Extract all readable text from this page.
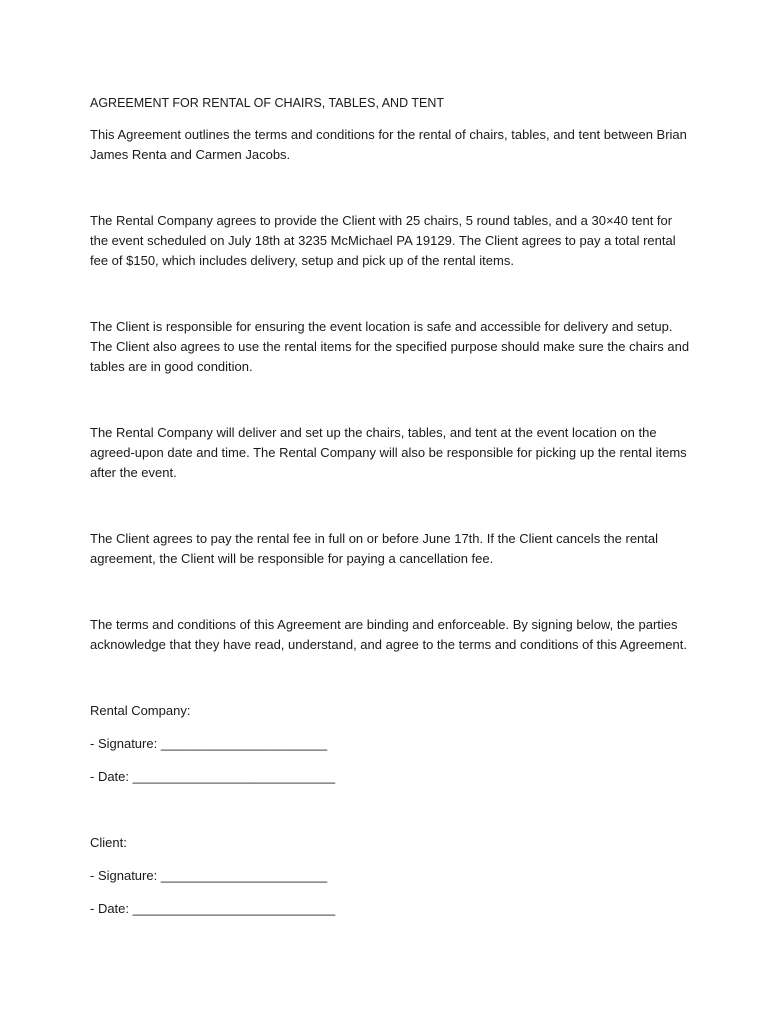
AGREEMENT FOR RENTAL OF CHAIRS, TABLES, AND TENT

This Agreement outlines the terms and conditions for the rental of chairs, tables, and tent between Brian James Renta and Carmen Jacobs.

The Rental Company agrees to provide the Client with 25 chairs, 5 round tables, and a 30×40 tent for the event scheduled on July 18th at 3235 McMichael PA 19129. The Client agrees to pay a total rental fee of $150, which includes delivery, setup and pick up of the rental items.

The Client is responsible for ensuring the event location is safe and accessible for delivery and setup. The Client also agrees to use the rental items for the specified purpose should make sure the chairs and tables are in good condition.

The Rental Company will deliver and set up the chairs, tables, and tent at the event location on the agreed-upon date and time. The Rental Company will also be responsible for picking up the rental items after the event.

The Client agrees to pay the rental fee in full on or before June 17th. If the Client cancels the rental agreement, the Client will be responsible for paying a cancellation fee.

The terms and conditions of this Agreement are binding and enforceable. By signing below, the parties acknowledge that they have read, understand, and agree to the terms and conditions of this Agreement.

Rental Company:

- Signature: _______________________

- Date: ____________________________

Client:

- Signature: _______________________

- Date: ____________________________
